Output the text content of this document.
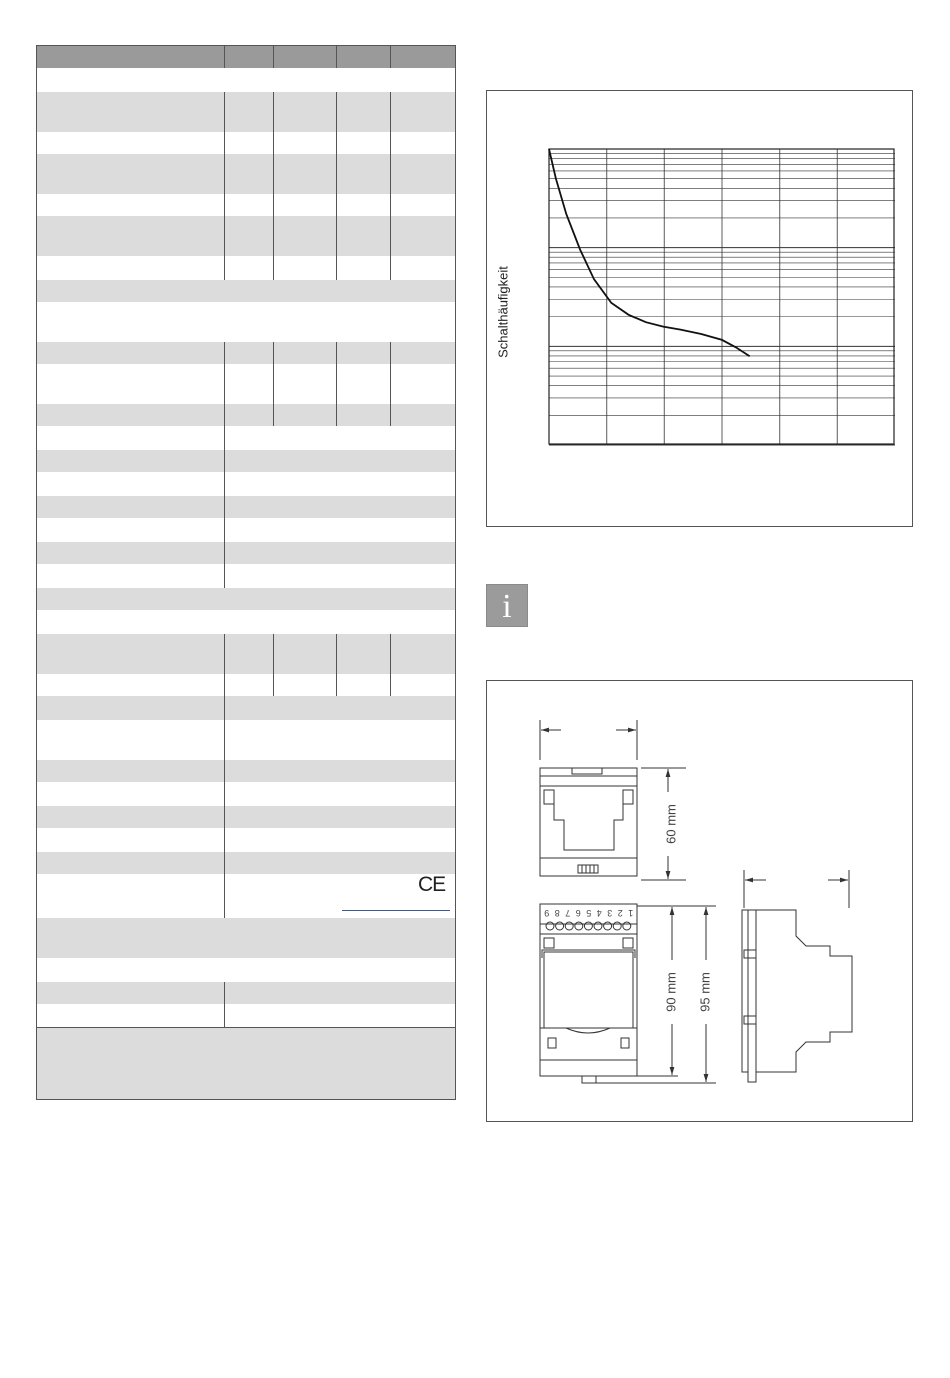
CE
Schalthäufigkeit
i
60 mm
90 mm 95 mm
1 2 3 4 5 6 7 8 9
